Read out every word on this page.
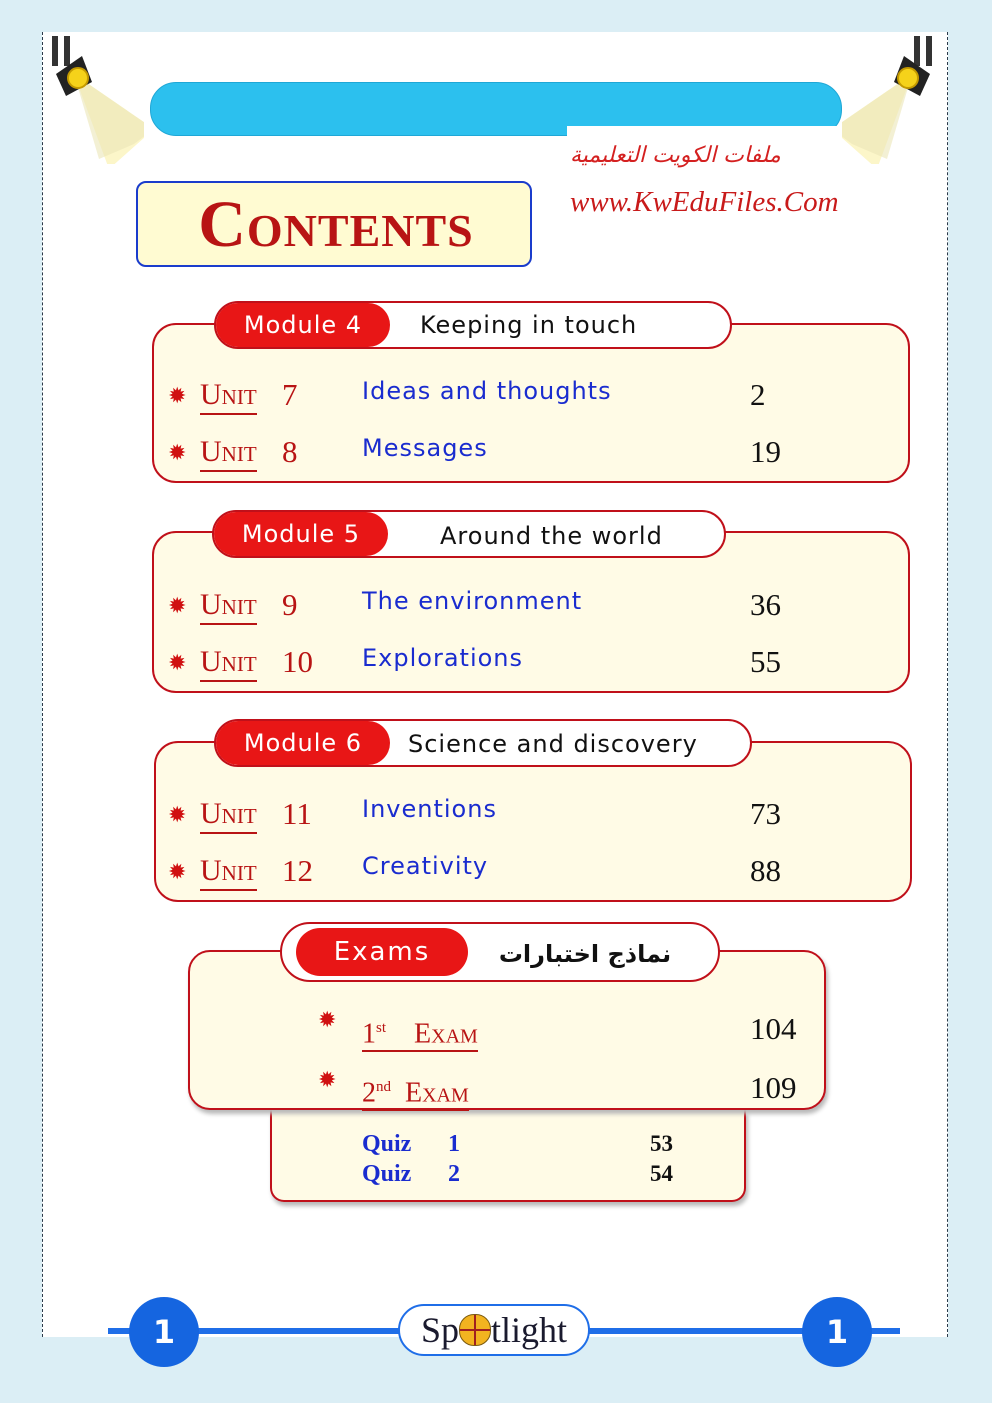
ملفات الكويت التعليمية
www.KwEduFiles.Com
Contents
Module 4	Keeping in touch
✹ Unit 7	Ideas and thoughts	2
✹ Unit 8	Messages	19
Module 5	Around the world
✹ Unit 9	The environment	36
✹ Unit 10 Explorations	55
Module 6	Science and discovery
✹ Unit 11 Inventions	73
✹ Unit 12 Creativity	88
Exams	نماذج اختبارات
✹ 1st Exam	104
✹ 2nd Exam	109
Quiz 1	53
Quiz 2	54
1	1
Sp tlight
